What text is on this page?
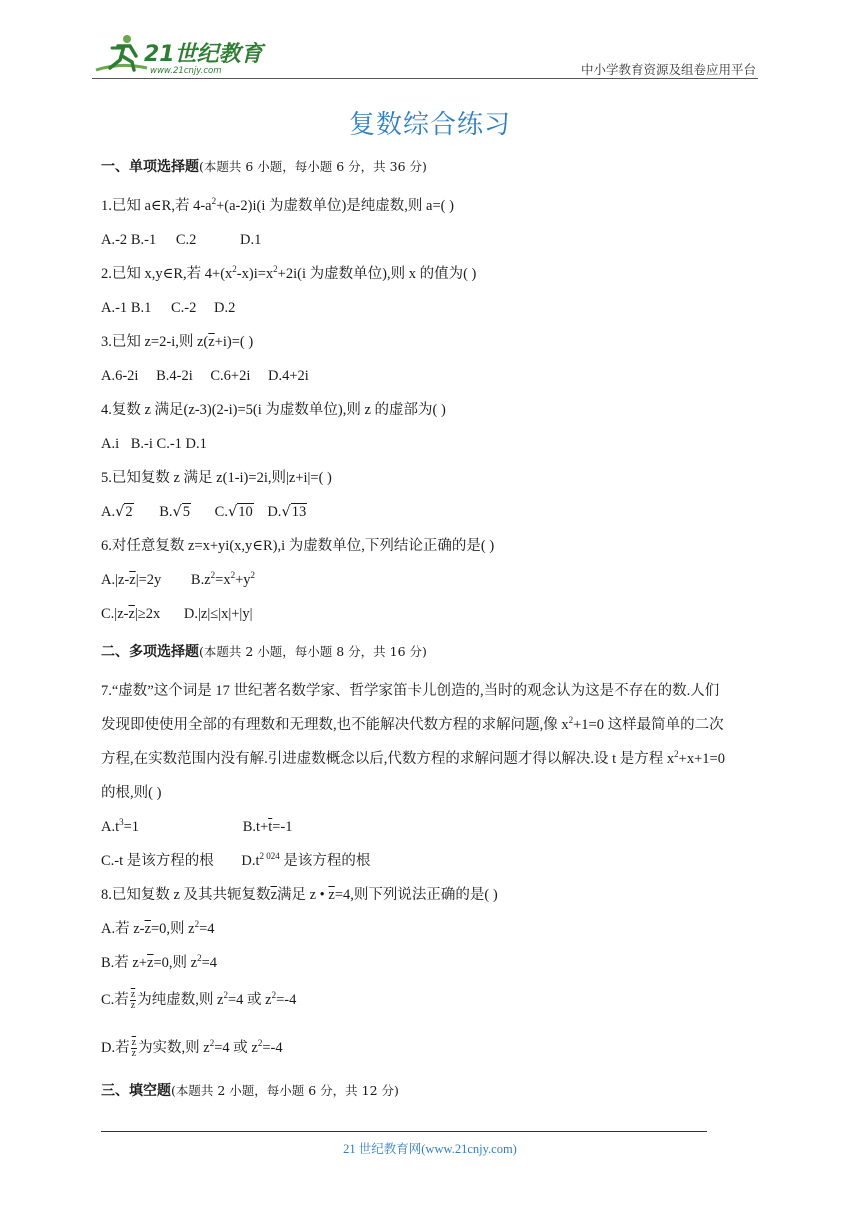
21世纪教育
www.21cnjy.com	中小学教育资源及组卷应用平台
复数综合练习
一、单项选择题(本题共 6 小题，每小题 6 分，共 36 分)
1.已知 a∈R,若 $4-a^2+(a-2)i(i$ 为虚数单位)是纯虚数,则 a=( )
A.-2 B.-1 C.2	D.1
2.已知 x,y∈R,若 $4+(x^2-x)i=x^2+2i(i$ 为虚数单位),则 x 的值为( )
A.-1 B.1 C.-2 D.2
3.已知 z=2-i,则 $z(\overline{z}+i)=$( )
A.6-2i B.4-2i C.6+2i D.4+2i
4.复数 z 满足(z-3)(2-i)=5(i 为虚数单位),则 z 的虚部为( )
A.i B.-i C.-1 D.1
5.已知复数 z 满足 z(1-i)=2i,则|z+i|=( )
A.√2 B.√5 C.√10 D.√13
6.对任意复数 z=x+yi(x,y∈R),i 为虚数单位,下列结论正确的是( )
$A.|z-\overline{z}|=2y$ $B.z^2=x^2+y^2$
$C.|z-\overline{z}|\ge 2x$ D.|z|≤|x|+|y|
二、多项选择题(本题共 2 小题，每小题 8 分，共 16 分)
7.“虚数”这个词是 17 世纪著名数学家、哲学家笛卡儿创造的,当时的观念认为这是不存在的数.人们
发现即使使用全部的有理数和无理数,也不能解决代数方程的求解问题,像 $x^2+1=0$ 这样最简单的二次
方程,在实数范围内没有解.引进虚数概念以后,代数方程的求解问题才得以解决.设 t 是方程 $x^2+x+1=0$
的根,则( )
$A.t^3=1$	$B.t+\overline{t}=-1$
C.-t 是该方程的根 $D.t^{2 024}$ 是该方程的根
8.已知复数 z 及其共轭复数$\overline{z}$满足 z • $\overline{z}=4$,则下列说法正确的是( )
A.若 $z-\overline{z}=0$,则 $z^2=4$
B.若 $z+\overline{z}=0$,则 $z^2=4$
C.若 $\frac{\overline{z}}{z}$ 为纯虚数,则 $z^2=4$ 或 $z^2=-4$
D.若 $\frac{\overline{z}}{z}$ 为实数,则 $z^2=4$ 或 $z^2=-4$
三、填空题(本题共 2 小题，每小题 6 分，共 12 分)
21 世纪教育网(www.21cnjy.com)
